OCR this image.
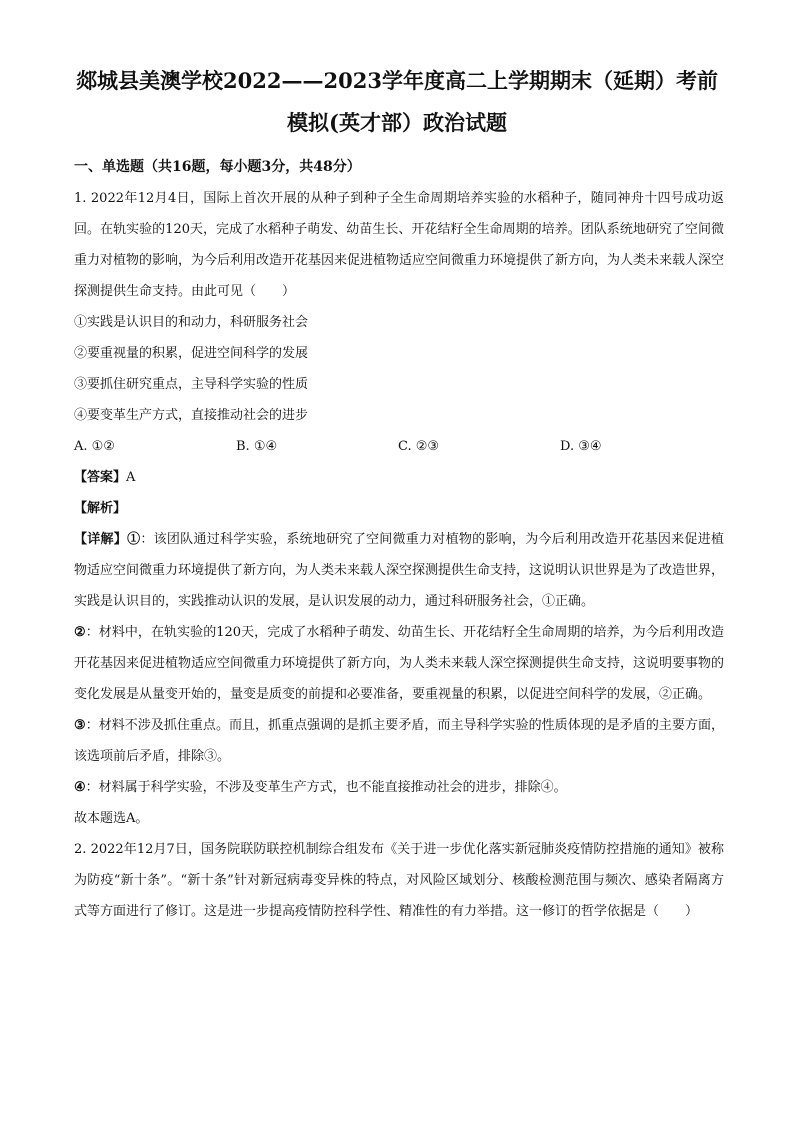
郯城县美澳学校2022——2023学年度高二上学期期末（延期）考前
模拟(英才部）政治试题

一、单选题（共16题，每小题3分，共48分）

1. 2022年12月4日，国际上首次开展的从种子到种子全生命周期培养实验的水稻种子，随同神舟十四号成功返回。在轨实验的120天，完成了水稻种子萌发、幼苗生长、开花结籽全生命周期的培养。团队系统地研究了空间微重力对植物的影响，为今后利用改造开花基因来促进植物适应空间微重力环境提供了新方向，为人类未来载人深空探测提供生命支持。由此可见（　　）

①实践是认识目的和动力，科研服务社会

②要重视量的积累，促进空间科学的发展

③要抓住研究重点，主导科学实验的性质

④要变革生产方式，直接推动社会的进步

A. ①②	B. ①④	C. ②③	D. ③④

【答案】A

【解析】

【详解】①：该团队通过科学实验，系统地研究了空间微重力对植物的影响，为今后利用改造开花基因来促进植物适应空间微重力环境提供了新方向，为人类未来载人深空探测提供生命支持，这说明认识世界是为了改造世界，实践是认识目的，实践推动认识的发展，是认识发展的动力，通过科研服务社会，①正确。

②：材料中，在轨实验的120天，完成了水稻种子萌发、幼苗生长、开花结籽全生命周期的培养，为今后利用改造开花基因来促进植物适应空间微重力环境提供了新方向，为人类未来载人深空探测提供生命支持，这说明要事物的变化发展是从量变开始的，量变是质变的前提和必要准备，要重视量的积累，以促进空间科学的发展，②正确。

③：材料不涉及抓住重点。而且，抓重点强调的是抓主要矛盾，而主导科学实验的性质体现的是矛盾的主要方面，该选项前后矛盾，排除③。

④：材料属于科学实验，不涉及变革生产方式，也不能直接推动社会的进步，排除④。

故本题选A。

2. 2022年12月7日，国务院联防联控机制综合组发布《关于进一步优化落实新冠肺炎疫情防控措施的通知》被称为防疫“新十条”。“新十条”针对新冠病毒变异株的特点，对风险区域划分、核酸检测范围与频次、感染者隔离方式等方面进行了修订。这是进一步提高疫情防控科学性、精准性的有力举措。这一修订的哲学依据是（　　）
